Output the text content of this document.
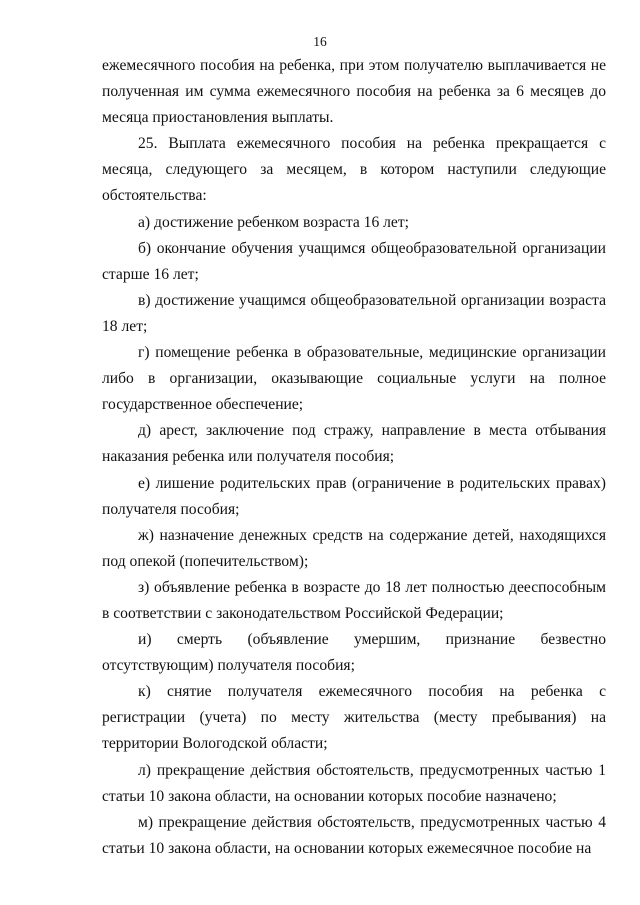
16

ежемесячного пособия на ребенка, при этом получателю выплачивается не полученная им сумма ежемесячного пособия на ребенка за 6 месяцев до месяца приостановления выплаты.

25. Выплата ежемесячного пособия на ребенка прекращается с месяца, следующего за месяцем, в котором наступили следующие обстоятельства:

а) достижение ребенком возраста 16 лет;

б) окончание обучения учащимся общеобразовательной организации старше 16 лет;

в) достижение учащимся общеобразовательной организации возраста 18 лет;

г) помещение ребенка в образовательные, медицинские организации либо в организации, оказывающие социальные услуги на полное государственное обеспечение;

д) арест, заключение под стражу, направление в места отбывания наказания ребенка или получателя пособия;

е) лишение родительских прав (ограничение в родительских правах) получателя пособия;

ж) назначение денежных средств на содержание детей, находящихся под опекой (попечительством);

з) объявление ребенка в возрасте до 18 лет полностью дееспособным в соответствии с законодательством Российской Федерации;

и) смерть (объявление умершим, признание безвестно отсутствующим) получателя пособия;

к) снятие получателя ежемесячного пособия на ребенка с регистрации (учета) по месту жительства (месту пребывания) на территории Вологодской области;

л) прекращение действия обстоятельств, предусмотренных частью 1 статьи 10 закона области, на основании которых пособие назначено;

м) прекращение действия обстоятельств, предусмотренных частью 4 статьи 10 закона области, на основании которых ежемесячное пособие на
